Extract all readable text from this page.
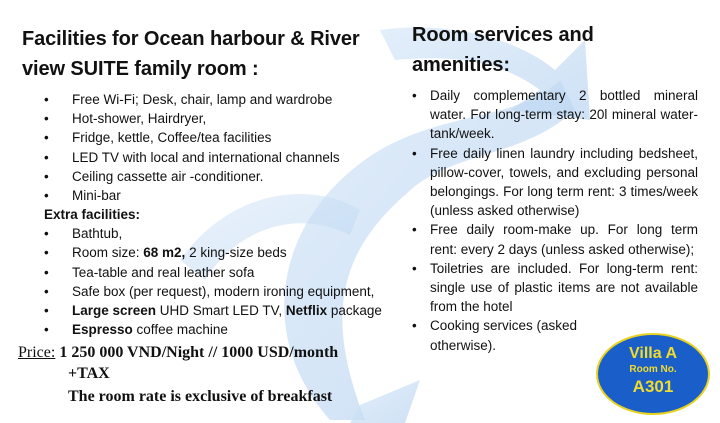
Facilities for Ocean harbour & River
view SUITE family room :
• Free Wi-Fi; Desk, chair, lamp and wardrobe
• Hot-shower, Hairdryer,
• Fridge, kettle, Coffee/tea facilities
• LED TV with local and international channels
• Ceiling cassette air -conditioner.
• Mini-bar
Extra facilities:
• Bathtub,
• Room size: 68 m2, 2 king-size beds
• Tea-table and real leather sofa
• Safe box (per request), modern ironing equipment,
• Large screen UHD Smart LED TV, Netflix package
• Espresso coffee machine
Room services and
amenities:
• Daily complementary 2 bottled mineral water. For long-term stay: 20l mineral water-tank/week.
• Free daily linen laundry including bedsheet, pillow-cover, towels, and excluding personal belongings. For long term rent: 3 times/week (unless asked otherwise)
• Free daily room-make up. For long term rent: every 2 days (unless asked otherwise);
• Toiletries are included. For long-term rent: single use of plastic items are not available from the hotel
• Cooking services (asked otherwise).
Price: 1 250 000 VND/Night // 1000 USD/month
+TAX
The room rate is exclusive of breakfast
Villa A
Room No.
A301
